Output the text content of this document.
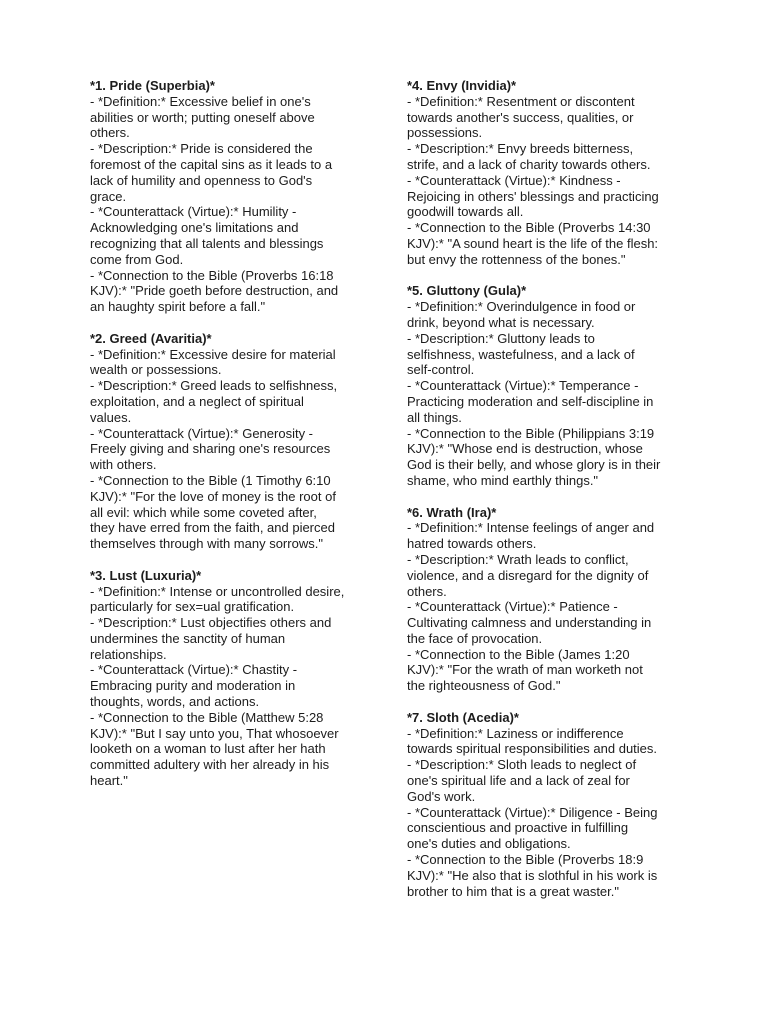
*1. Pride (Superbia)*
- *Definition:* Excessive belief in one's
abilities or worth; putting oneself above
others.
- *Description:* Pride is considered the
foremost of the capital sins as it leads to a
lack of humility and openness to God's
grace.
- *Counterattack (Virtue):* Humility -
Acknowledging one's limitations and
recognizing that all talents and blessings
come from God.
- *Connection to the Bible (Proverbs 16:18
KJV):* "Pride goeth before destruction, and
an haughty spirit before a fall."
*2. Greed (Avaritia)*
- *Definition:* Excessive desire for material
wealth or possessions.
- *Description:* Greed leads to selfishness,
exploitation, and a neglect of spiritual
values.
- *Counterattack (Virtue):* Generosity -
Freely giving and sharing one's resources
with others.
- *Connection to the Bible (1 Timothy 6:10
KJV):* "For the love of money is the root of
all evil: which while some coveted after,
they have erred from the faith, and pierced
themselves through with many sorrows."
*3. Lust (Luxuria)*
- *Definition:* Intense or uncontrolled desire,
particularly for sex=ual gratification.
- *Description:* Lust objectifies others and
undermines the sanctity of human
relationships.
- *Counterattack (Virtue):* Chastity -
Embracing purity and moderation in
thoughts, words, and actions.
- *Connection to the Bible (Matthew 5:28
KJV):* "But I say unto you, That whosoever
looketh on a woman to lust after her hath
committed adultery with her already in his
heart."
*4. Envy (Invidia)*
- *Definition:* Resentment or discontent
towards another's success, qualities, or
possessions.
- *Description:* Envy breeds bitterness,
strife, and a lack of charity towards others.
- *Counterattack (Virtue):* Kindness -
Rejoicing in others' blessings and practicing
goodwill towards all.
- *Connection to the Bible (Proverbs 14:30
KJV):* "A sound heart is the life of the flesh:
but envy the rottenness of the bones."
*5. Gluttony (Gula)*
- *Definition:* Overindulgence in food or
drink, beyond what is necessary.
- *Description:* Gluttony leads to
selfishness, wastefulness, and a lack of
self-control.
- *Counterattack (Virtue):* Temperance -
Practicing moderation and self-discipline in
all things.
- *Connection to the Bible (Philippians 3:19
KJV):* "Whose end is destruction, whose
God is their belly, and whose glory is in their
shame, who mind earthly things."
*6. Wrath (Ira)*
- *Definition:* Intense feelings of anger and
hatred towards others.
- *Description:* Wrath leads to conflict,
violence, and a disregard for the dignity of
others.
- *Counterattack (Virtue):* Patience -
Cultivating calmness and understanding in
the face of provocation.
- *Connection to the Bible (James 1:20
KJV):* "For the wrath of man worketh not
the righteousness of God."
*7. Sloth (Acedia)*
- *Definition:* Laziness or indifference
towards spiritual responsibilities and duties.
- *Description:* Sloth leads to neglect of
one's spiritual life and a lack of zeal for
God's work.
- *Counterattack (Virtue):* Diligence - Being
conscientious and proactive in fulfilling
one's duties and obligations.
- *Connection to the Bible (Proverbs 18:9
KJV):* "He also that is slothful in his work is
brother to him that is a great waster."
